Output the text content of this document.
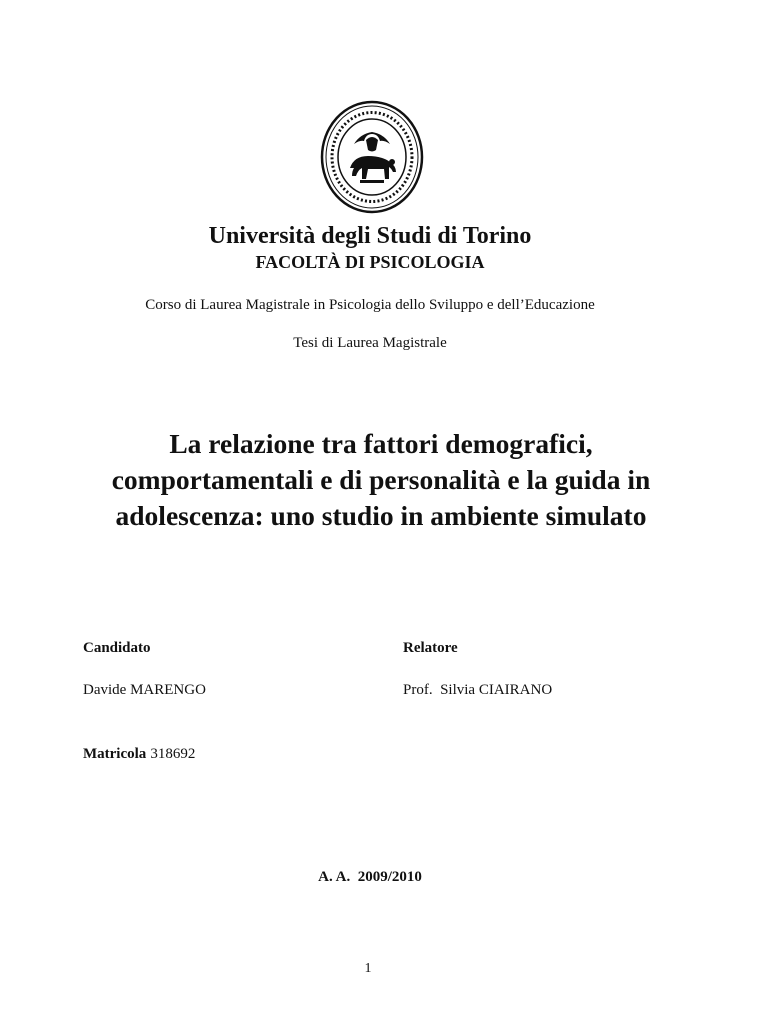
Università degli Studi di Torino
FACOLTÀ DI PSICOLOGIA
Corso di Laurea Magistrale in Psicologia dello Sviluppo e dell’Educazione
Tesi di Laurea Magistrale
La relazione tra fattori demografici,
comportamentali e di personalità e la guida in
adolescenza: uno studio in ambiente simulato
Candidato
Davide MARENGO
Relatore
Prof.  Silvia CIAIRANO
Matricola 318692
A. A.  2009/2010
1
